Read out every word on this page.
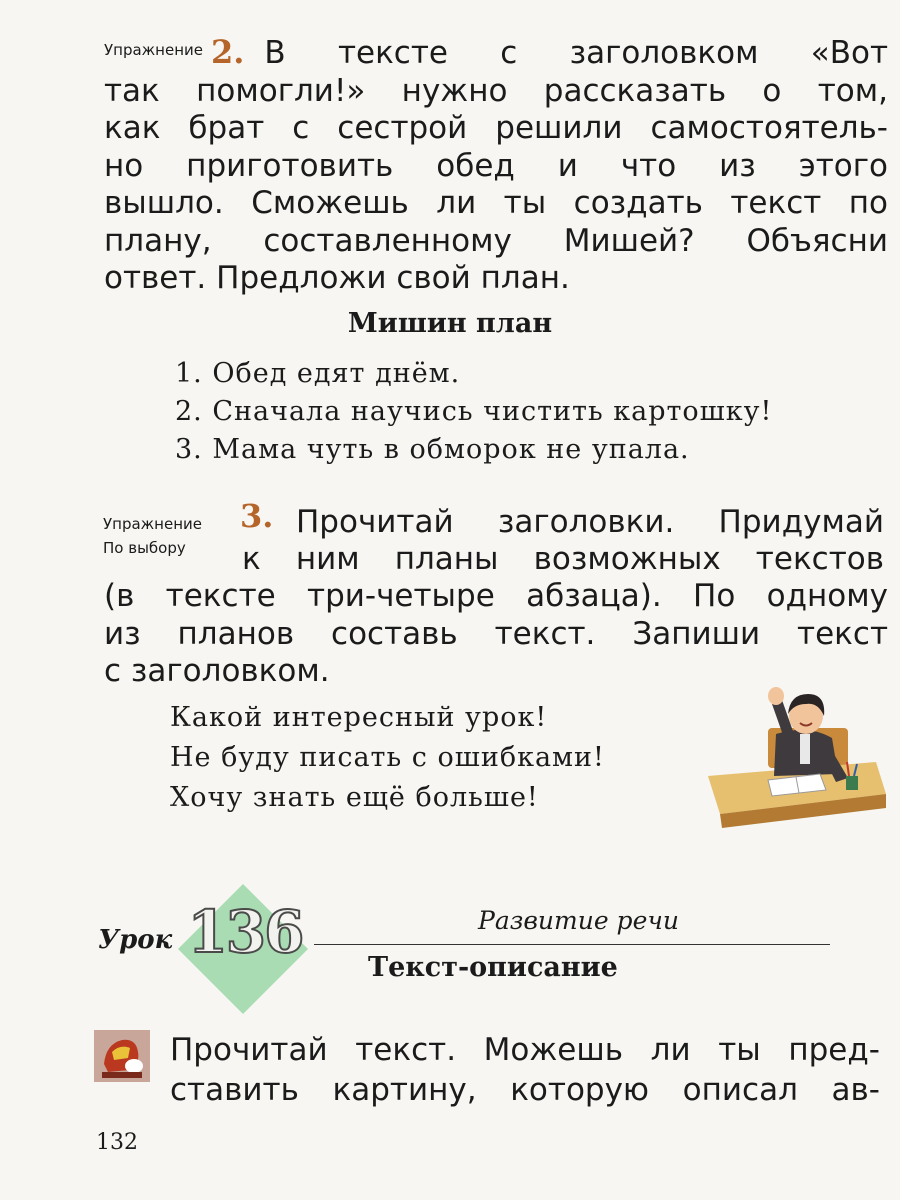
$^{Упражнение}$ 2. В тексте с заголовком «Вот
так помогли!» нужно рассказать о том,
как брат с сестрой решили самостоятель-
но приготовить обед и что из этого
вышло. Сможешь ли ты создать текст по
плану, составленному Мишей? Объясни
ответ. Предложи свой план.
Мишин план
1. Обед едят днём.
2. Сначала научись чистить картошку!
3. Мама чуть в обморок не упала.
Упражнение
По выбору
3. Прочитай заголовки. Придумай
к ним планы возможных текстов
(в тексте три-четыре абзаца). По одному
из планов составь текст. Запиши текст
с заголовком.
Какой интересный урок!
Не буду писать с ошибками!
Хочу знать ещё больше!
Урок 136	Развитие речи
Текст-описание
Прочитай текст. Можешь ли ты пред-
ставить картину, которую описал ав-
132
